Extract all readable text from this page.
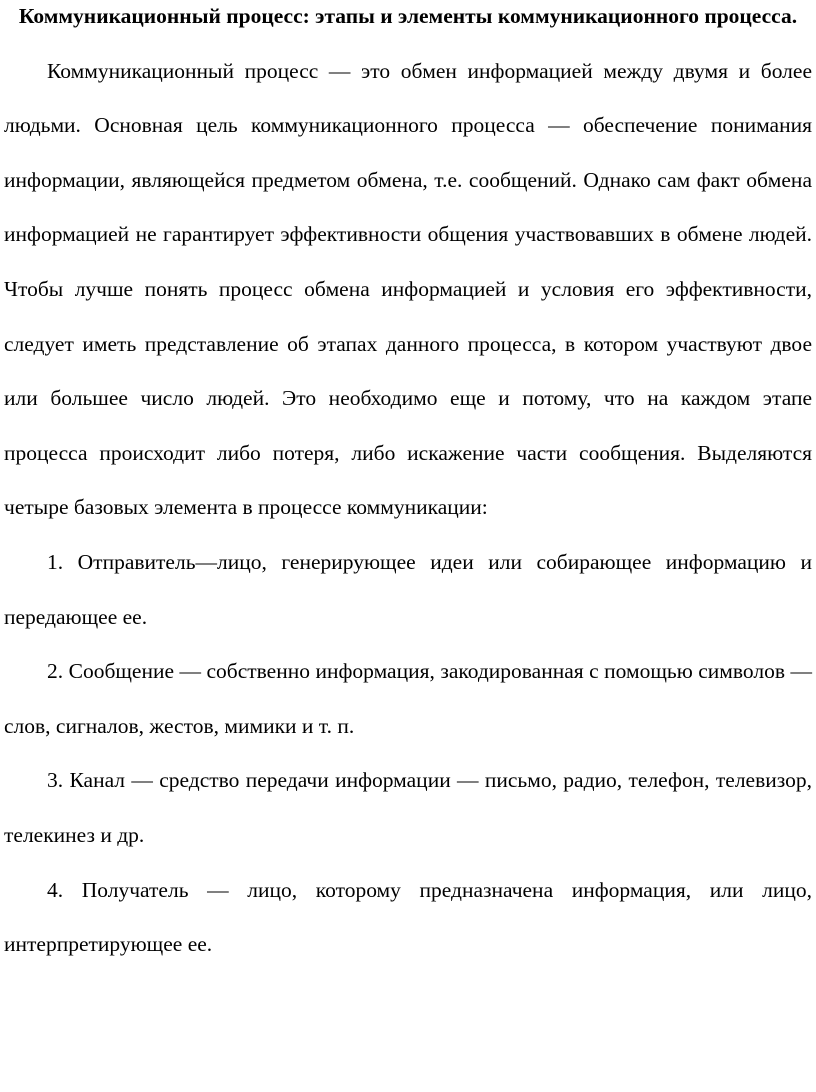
Коммуникационный процесс: этапы и элементы коммуникационного процесса.

Коммуникационный процесс — это обмен информацией между двумя и более людьми. Основная цель коммуникационного процесса — обеспечение понимания информации, являющейся предметом обмена, т.е. сообщений. Однако сам факт обмена информацией не гарантирует эффективности общения участвовавших в обмене людей. Чтобы лучше понять процесс обмена информацией и условия его эффективности, следует иметь представление об этапах данного процесса, в котором участвуют двое или большее число людей. Это необходимо еще и потому, что на каждом этапе процесса происходит либо потеря, либо искажение части сообщения. Выделяются четыре базовых элемента в процессе коммуникации:

1. Отправитель—лицо, генерирующее идеи или собирающее информацию и передающее ее.

2. Сообщение — собственно информация, закодированная с помощью символов — слов, сигналов, жестов, мимики и т. п.

3. Канал — средство передачи информации — письмо, радио, телефон, телевизор, телекинез и др.

4. Получатель — лицо, которому предназначена информация, или лицо, интерпретирующее ее.
